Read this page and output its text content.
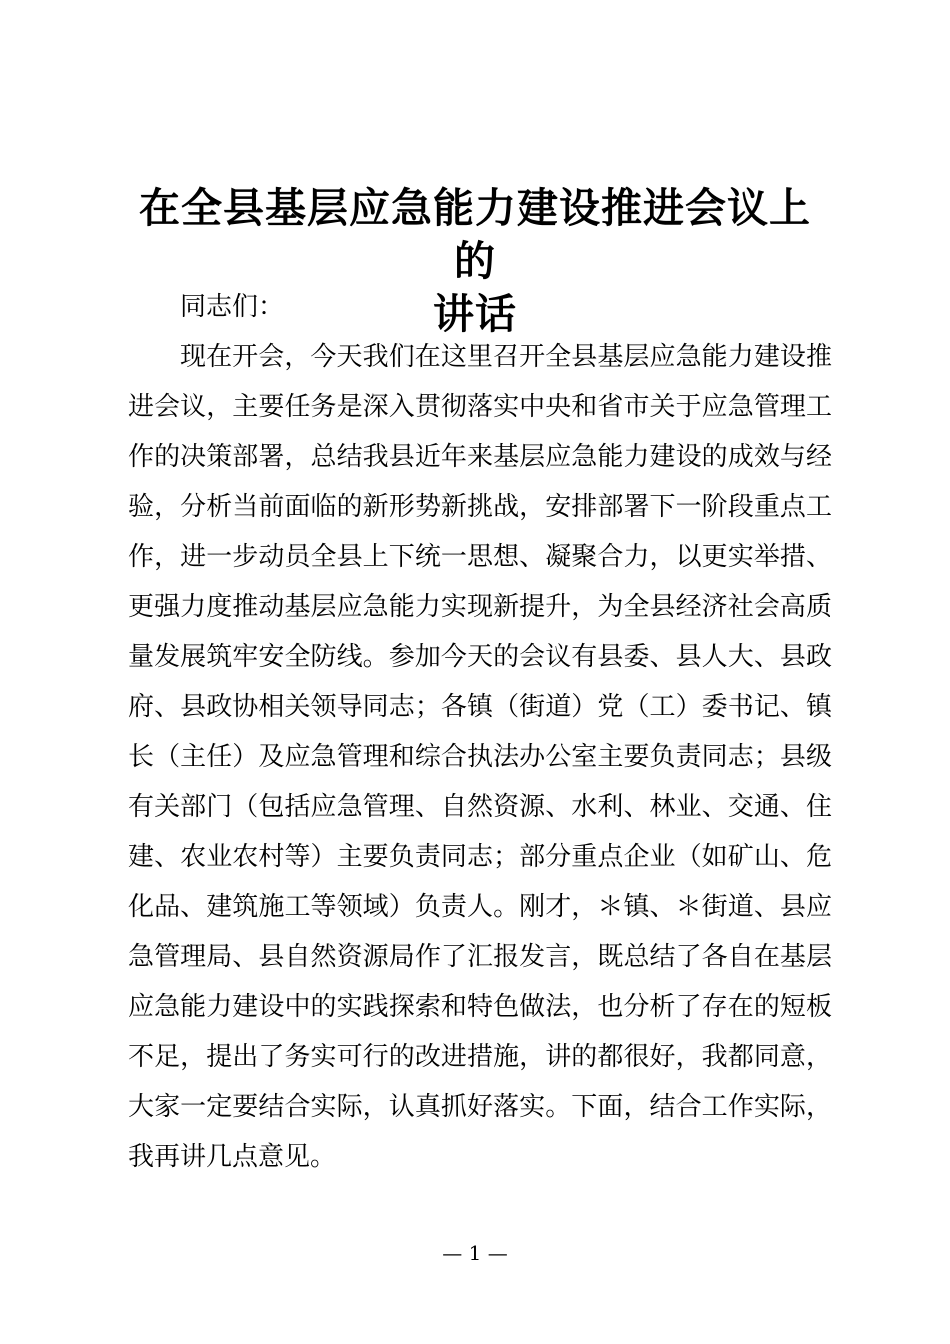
在全县基层应急能力建设推进会议上的
讲话

同志们：

现在开会，今天我们在这里召开全县基层应急能力建设推进会议，主要任务是深入贯彻落实中央和省市关于应急管理工作的决策部署，总结我县近年来基层应急能力建设的成效与经验，分析当前面临的新形势新挑战，安排部署下一阶段重点工作，进一步动员全县上下统一思想、凝聚合力，以更实举措、更强力度推动基层应急能力实现新提升，为全县经济社会高质量发展筑牢安全防线。参加今天的会议有县委、县人大、县政府、县政协相关领导同志；各镇（街道）党（工）委书记、镇长（主任）及应急管理和综合执法办公室主要负责同志；县级有关部门（包括应急管理、自然资源、水利、林业、交通、住建、农业农村等）主要负责同志；部分重点企业（如矿山、危化品、建筑施工等领域）负责人。刚才，＊镇、＊街道、县应急管理局、县自然资源局作了汇报发言，既总结了各自在基层应急能力建设中的实践探索和特色做法，也分析了存在的短板不足，提出了务实可行的改进措施，讲的都很好，我都同意，大家一定要结合实际，认真抓好落实。下面，结合工作实际，我再讲几点意见。

— 1 —
